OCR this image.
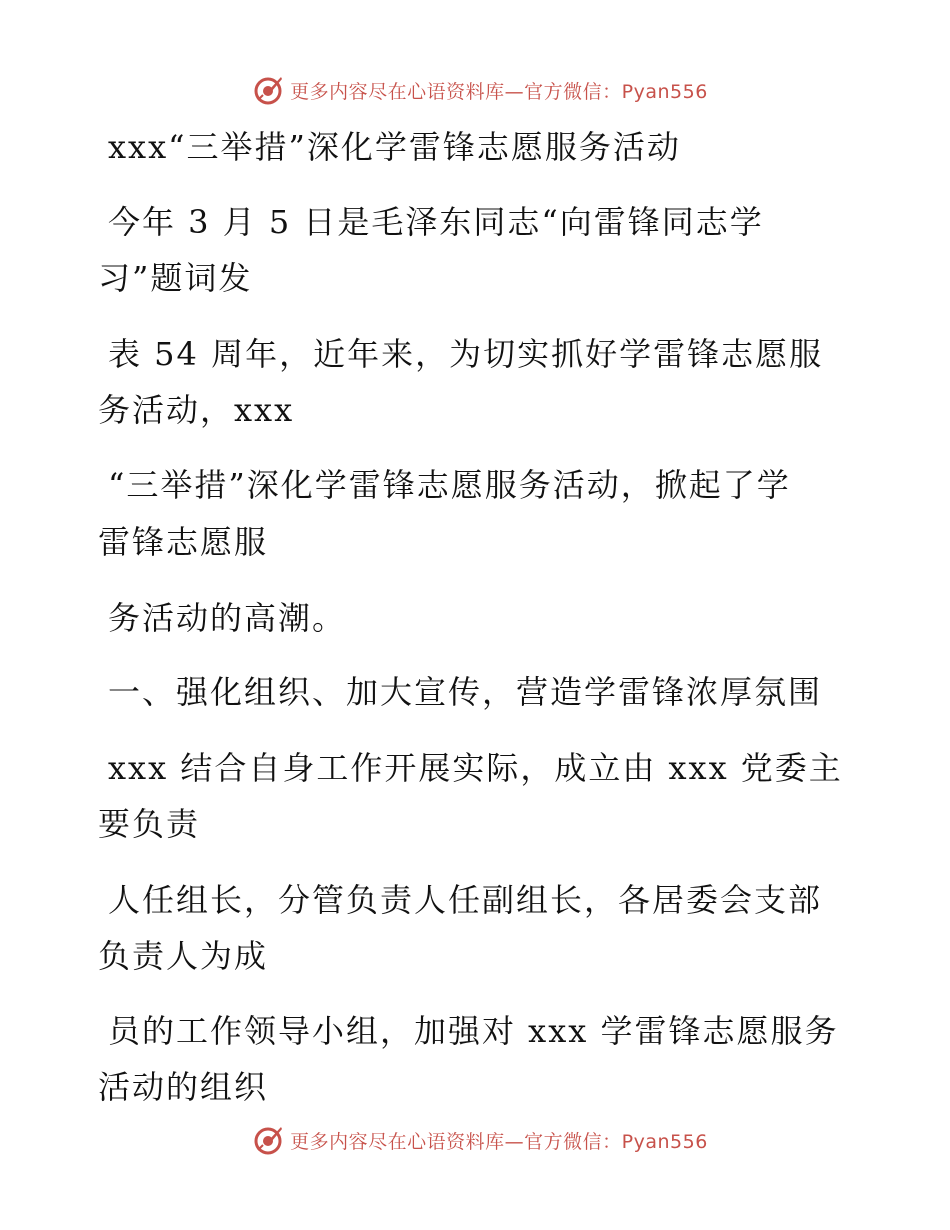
更多内容尽在心语资料库—官方微信：Pyan556
xxx“三举措”深化学雷锋志愿服务活动
今年 3 月 5 日是毛泽东同志“向雷锋同志学
习”题词发
表 54 周年，近年来，为切实抓好学雷锋志愿服
务活动，xxx
“三举措”深化学雷锋志愿服务活动，掀起了学
雷锋志愿服
务活动的高潮。
一、强化组织、加大宣传，营造学雷锋浓厚氛围
xxx 结合自身工作开展实际，成立由 xxx 党委主
要负责
人任组长，分管负责人任副组长，各居委会支部
负责人为成
员的工作领导小组，加强对 xxx 学雷锋志愿服务
活动的组织
更多内容尽在心语资料库—官方微信：Pyan556
